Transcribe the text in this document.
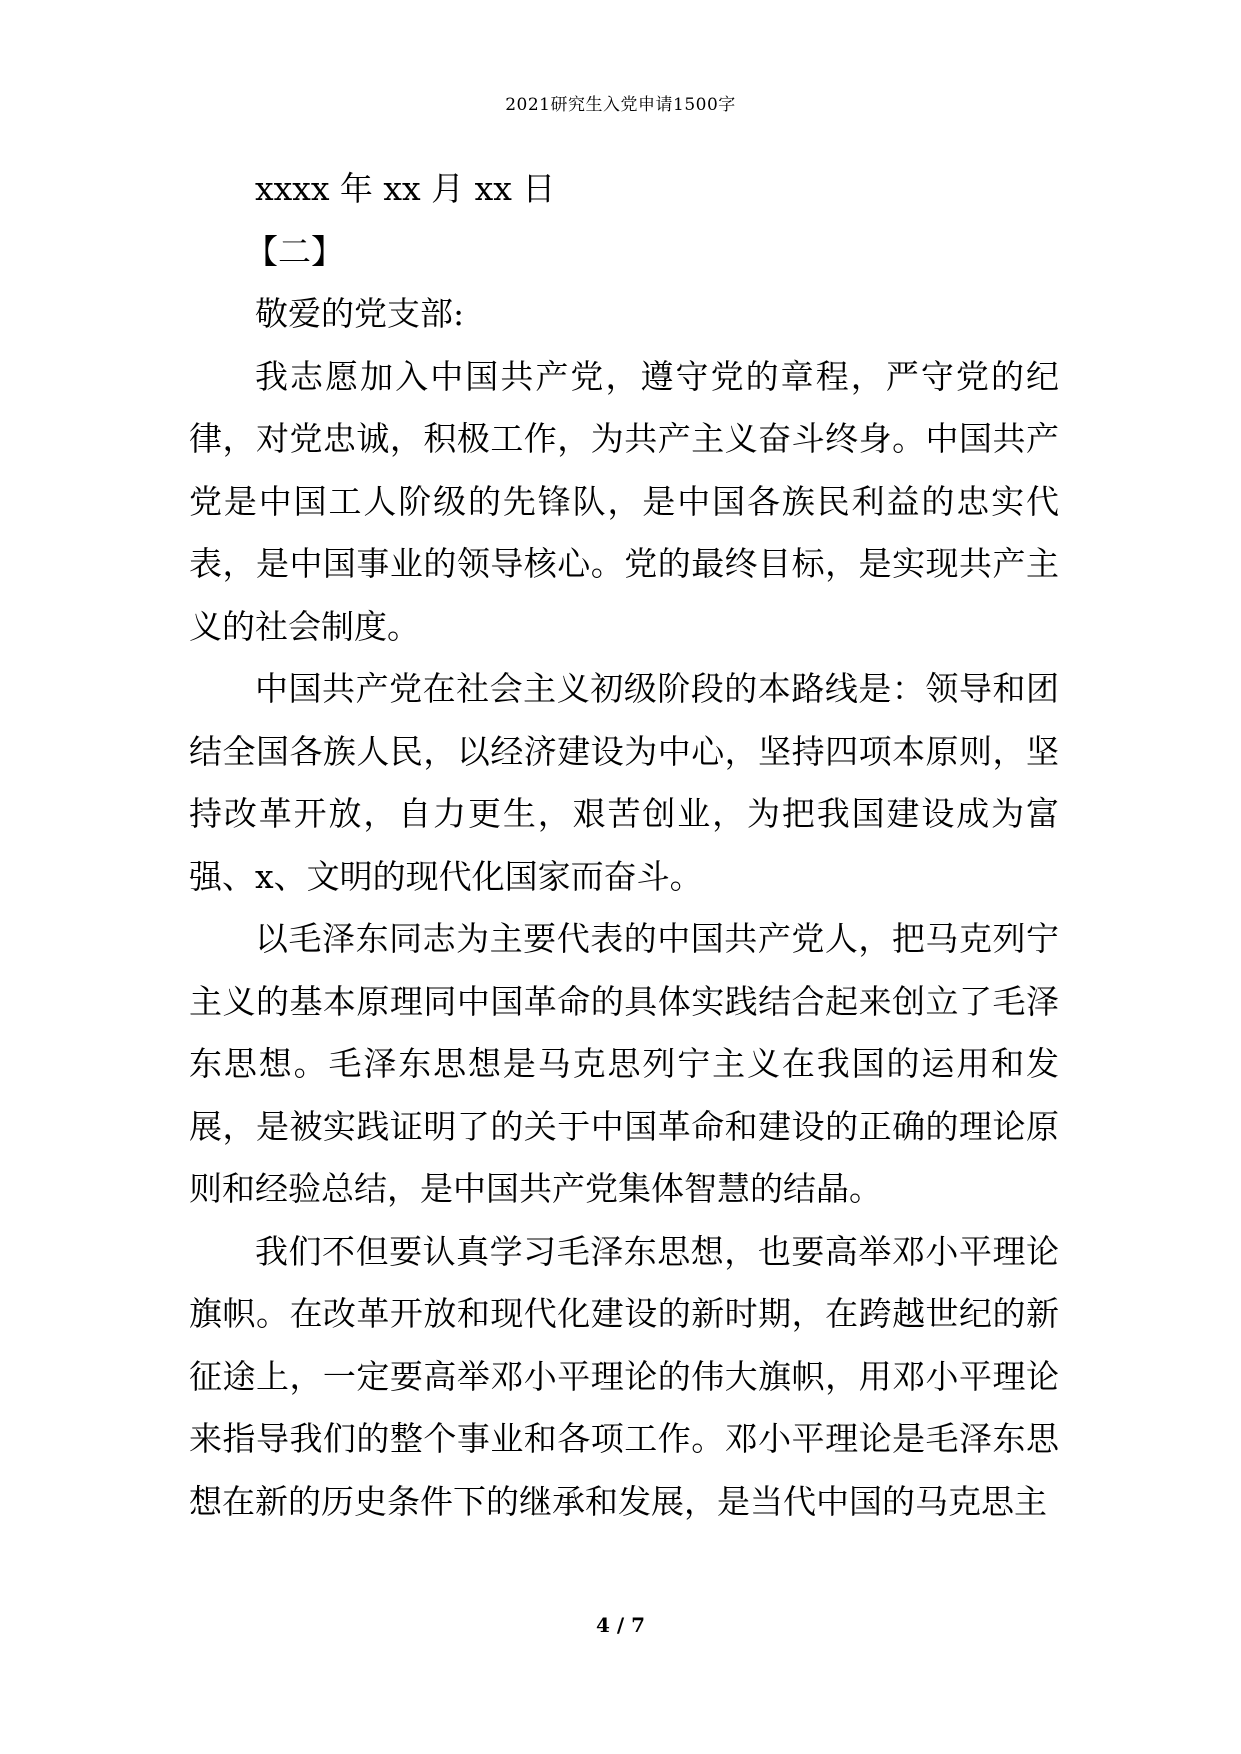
2021研究生入党申请1500字

xxxx 年 xx 月 xx 日

【二】

敬爱的党支部:

我志愿加入中国共产党，遵守党的章程，严守党的纪律，对党忠诚，积极工作，为共产主义奋斗终身。中国共产党是中国工人阶级的先锋队，是中国各族民利益的忠实代表，是中国事业的领导核心。党的最终目标，是实现共产主义的社会制度。

中国共产党在社会主义初级阶段的本路线是：领导和团结全国各族人民，以经济建设为中心，坚持四项本原则，坚持改革开放，自力更生，艰苦创业，为把我国建设成为富强、x、文明的现代化国家而奋斗。

以毛泽东同志为主要代表的中国共产党人，把马克列宁主义的基本原理同中国革命的具体实践结合起来创立了毛泽东思想。毛泽东思想是马克思列宁主义在我国的运用和发展，是被实践证明了的关于中国革命和建设的正确的理论原则和经验总结，是中国共产党集体智慧的结晶。

我们不但要认真学习毛泽东思想，也要高举邓小平理论旗帜。在改革开放和现代化建设的新时期，在跨越世纪的新征途上，一定要高举邓小平理论的伟大旗帜，用邓小平理论来指导我们的整个事业和各项工作。邓小平理论是毛泽东思想在新的历史条件下的继承和发展，是当代中国的马克思主

4 / 7
